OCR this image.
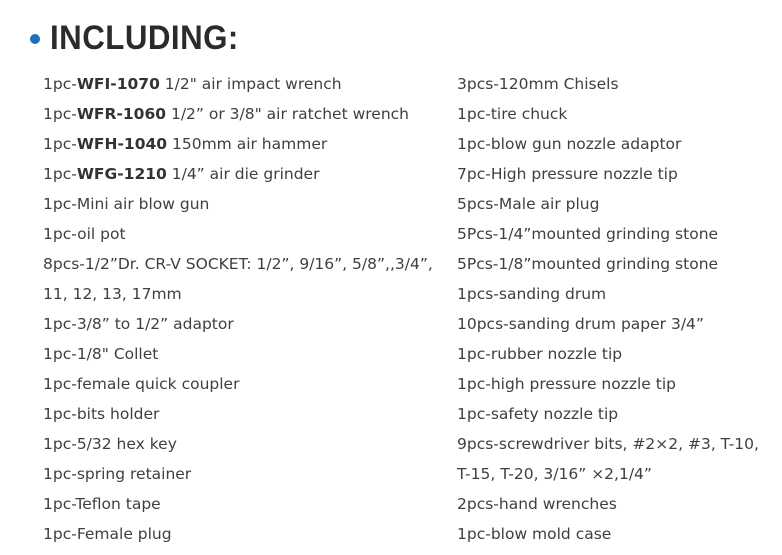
INCLUDING:
1pc-WFI-1070 1/2" air impact wrench
1pc-WFR-1060 1/2” or 3/8" air ratchet wrench
1pc-WFH-1040 150mm air hammer
1pc-WFG-1210 1/4” air die grinder
1pc-Mini air blow gun
1pc-oil pot
8pcs-1/2”Dr. CR-V SOCKET: 1/2”, 9/16”, 5/8”,,3/4”,
11, 12, 13, 17mm
1pc-3/8” to 1/2” adaptor
1pc-1/8" Collet
1pc-female quick coupler
1pc-bits holder
1pc-5/32 hex key
1pc-spring retainer
1pc-Teflon tape
1pc-Female plug
3pcs-120mm Chisels
1pc-tire chuck
1pc-blow gun nozzle adaptor
7pc-High pressure nozzle tip
5pcs-Male air plug
5Pcs-1/4”mounted grinding stone
5Pcs-1/8”mounted grinding stone
1pcs-sanding drum
10pcs-sanding drum paper 3/4”
1pc-rubber nozzle tip
1pc-high pressure nozzle tip
1pc-safety nozzle tip
9pcs-screwdriver bits, #2×2, #3, T-10,
T-15, T-20, 3/16” ×2,1/4”
2pcs-hand wrenches
1pc-blow mold case
